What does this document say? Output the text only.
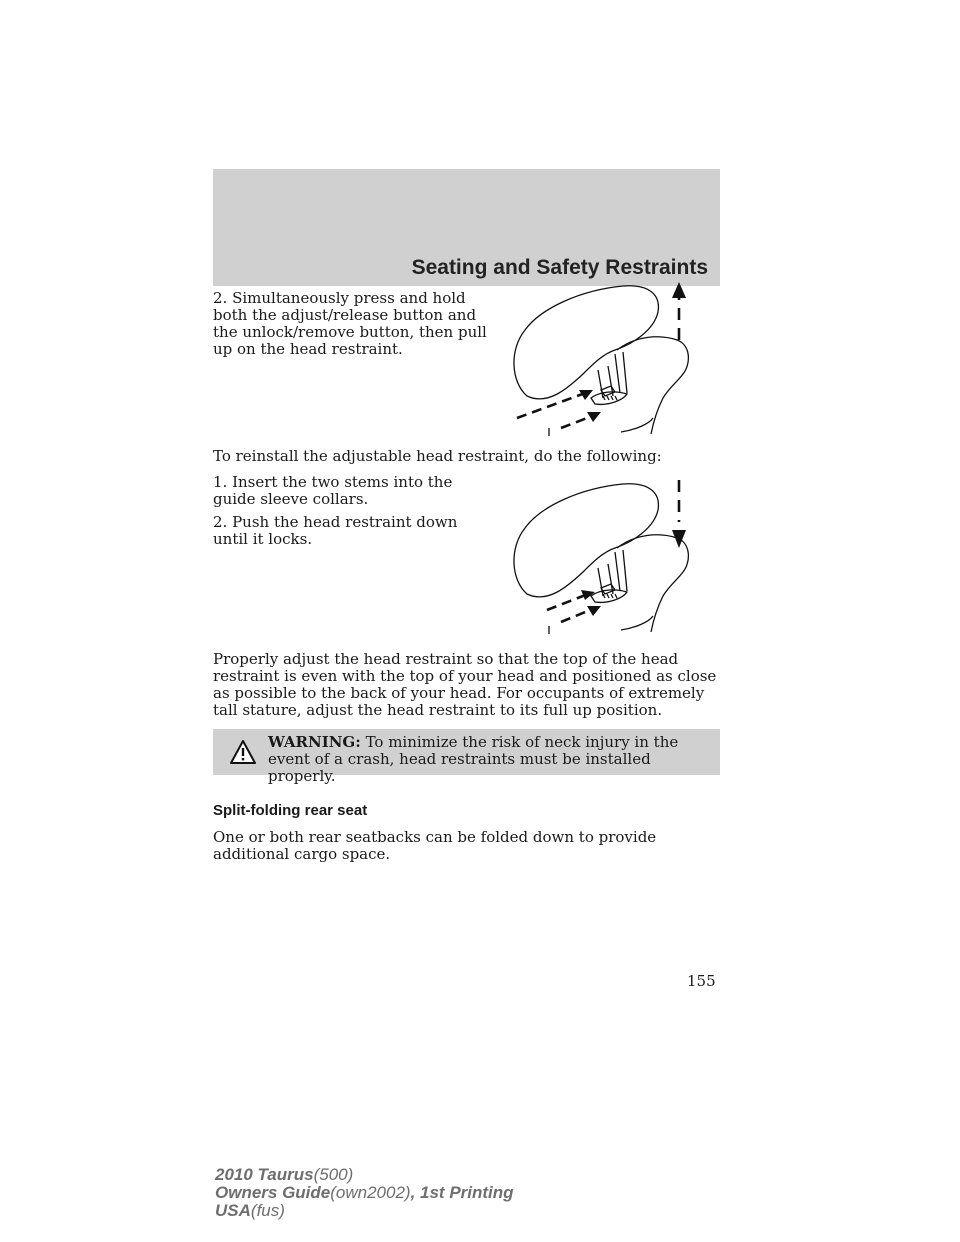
Seating and Safety Restraints

2. Simultaneously press and hold both the adjust/release button and the unlock/remove button, then pull up on the head restraint.

To reinstall the adjustable head restraint, do the following:

1. Insert the two stems into the guide sleeve collars.

2. Push the head restraint down until it locks.

Properly adjust the head restraint so that the top of the head restraint is even with the top of your head and positioned as close as possible to the back of your head. For occupants of extremely tall stature, adjust the head restraint to its full up position.

WARNING: To minimize the risk of neck injury in the event of a crash, head restraints must be installed properly.
Split-folding rear seat

One or both rear seatbacks can be folded down to provide additional cargo space.

155
2010 Taurus(500)
Owners Guide(own2002), 1st Printing
USA(fus)
